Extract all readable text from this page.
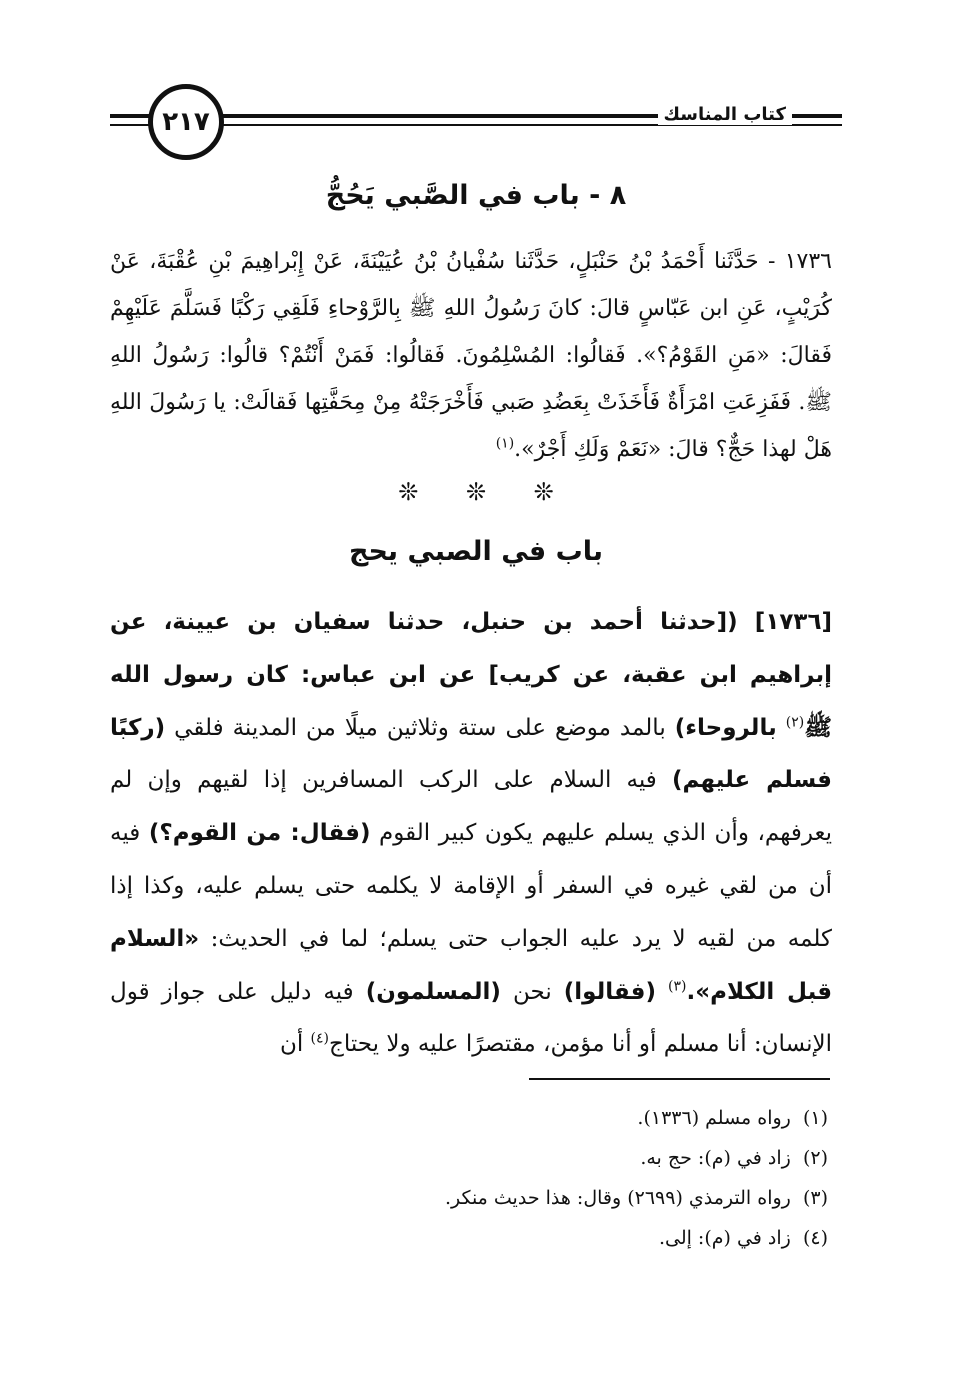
٢١٧	كتاب المناسك
٨ - باب في الصَّبي يَحُجُّ

١٧٣٦ - حَدَّثَنا أَحْمَدُ بْنُ حَنْبَلٍ، حَدَّثَنا سُفْيانُ بْنُ عُيَيْنَةَ، عَنْ إِبْراهِيمَ بْنِ عُقْبَةَ، عَنْ كُرَيْبٍ، عَنِ ابن عَبّاسٍ قالَ: كانَ رَسُولُ اللهِ ﷺ بِالرَّوْحاءِ فَلَقِي رَكْبًا فَسَلَّمَ عَلَيْهِمْ فَقالَ: «مَنِ القَوْمُ؟». فَقالُوا: المُسْلِمُونَ. فَقالُوا: فَمَنْ أَنْتُمْ؟ قالُوا: رَسُولُ اللهِ ﷺ. فَفَزِعَتِ امْرَأَةٌ فَأَخَذَتْ بِعَضُدِ صَبي فَأَخْرَجَتْهُ مِنْ مِحَفَّتِها فَقالَتْ: يا رَسُولَ اللهِ هَلْ لهذا حَجٌّ؟ قالَ: «نَعَمْ وَلَكِ أَجْرٌ».$^{(١)}$

❊ ❊ ❊
باب في الصبي يحج

[١٧٣٦] ([حدثنا أحمد بن حنبل، حدثنا سفيان بن عيينة، عن إبراهيم ابن عقبة، عن كريب] عن ابن عباس: كان رسول الله ﷺ$^{(٢)}$ بالروحاء) بالمد موضع على ستة وثلاثين ميلًا من المدينة فلقي (ركبًا فسلم عليهم) فيه السلام على الركب المسافرين إذا لقيهم وإن لم يعرفهم، وأن الذي يسلم عليهم يكون كبير القوم (فقال: من القوم؟) فيه أن من لقي غيره في السفر أو الإقامة لا يكلمه حتى يسلم عليه، وكذا إذا كلمه من لقيه لا يرد عليه الجواب حتى يسلم؛ لما في الحديث: «السلام قبل الكلام».$^{(٣)}$ (فقالوا) نحن (المسلمون) فيه دليل على جواز قول الإنسان: أنا مسلم أو أنا مؤمن، مقتصرًا عليه ولا يحتاج$^{(٤)}$ أن

(١)  رواه مسلم (١٣٣٦).
(٢)  زاد في (م): حج به.
(٣)  رواه الترمذي (٢٦٩٩) وقال: هذا حديث منكر.
(٤)  زاد في (م): إلى.
